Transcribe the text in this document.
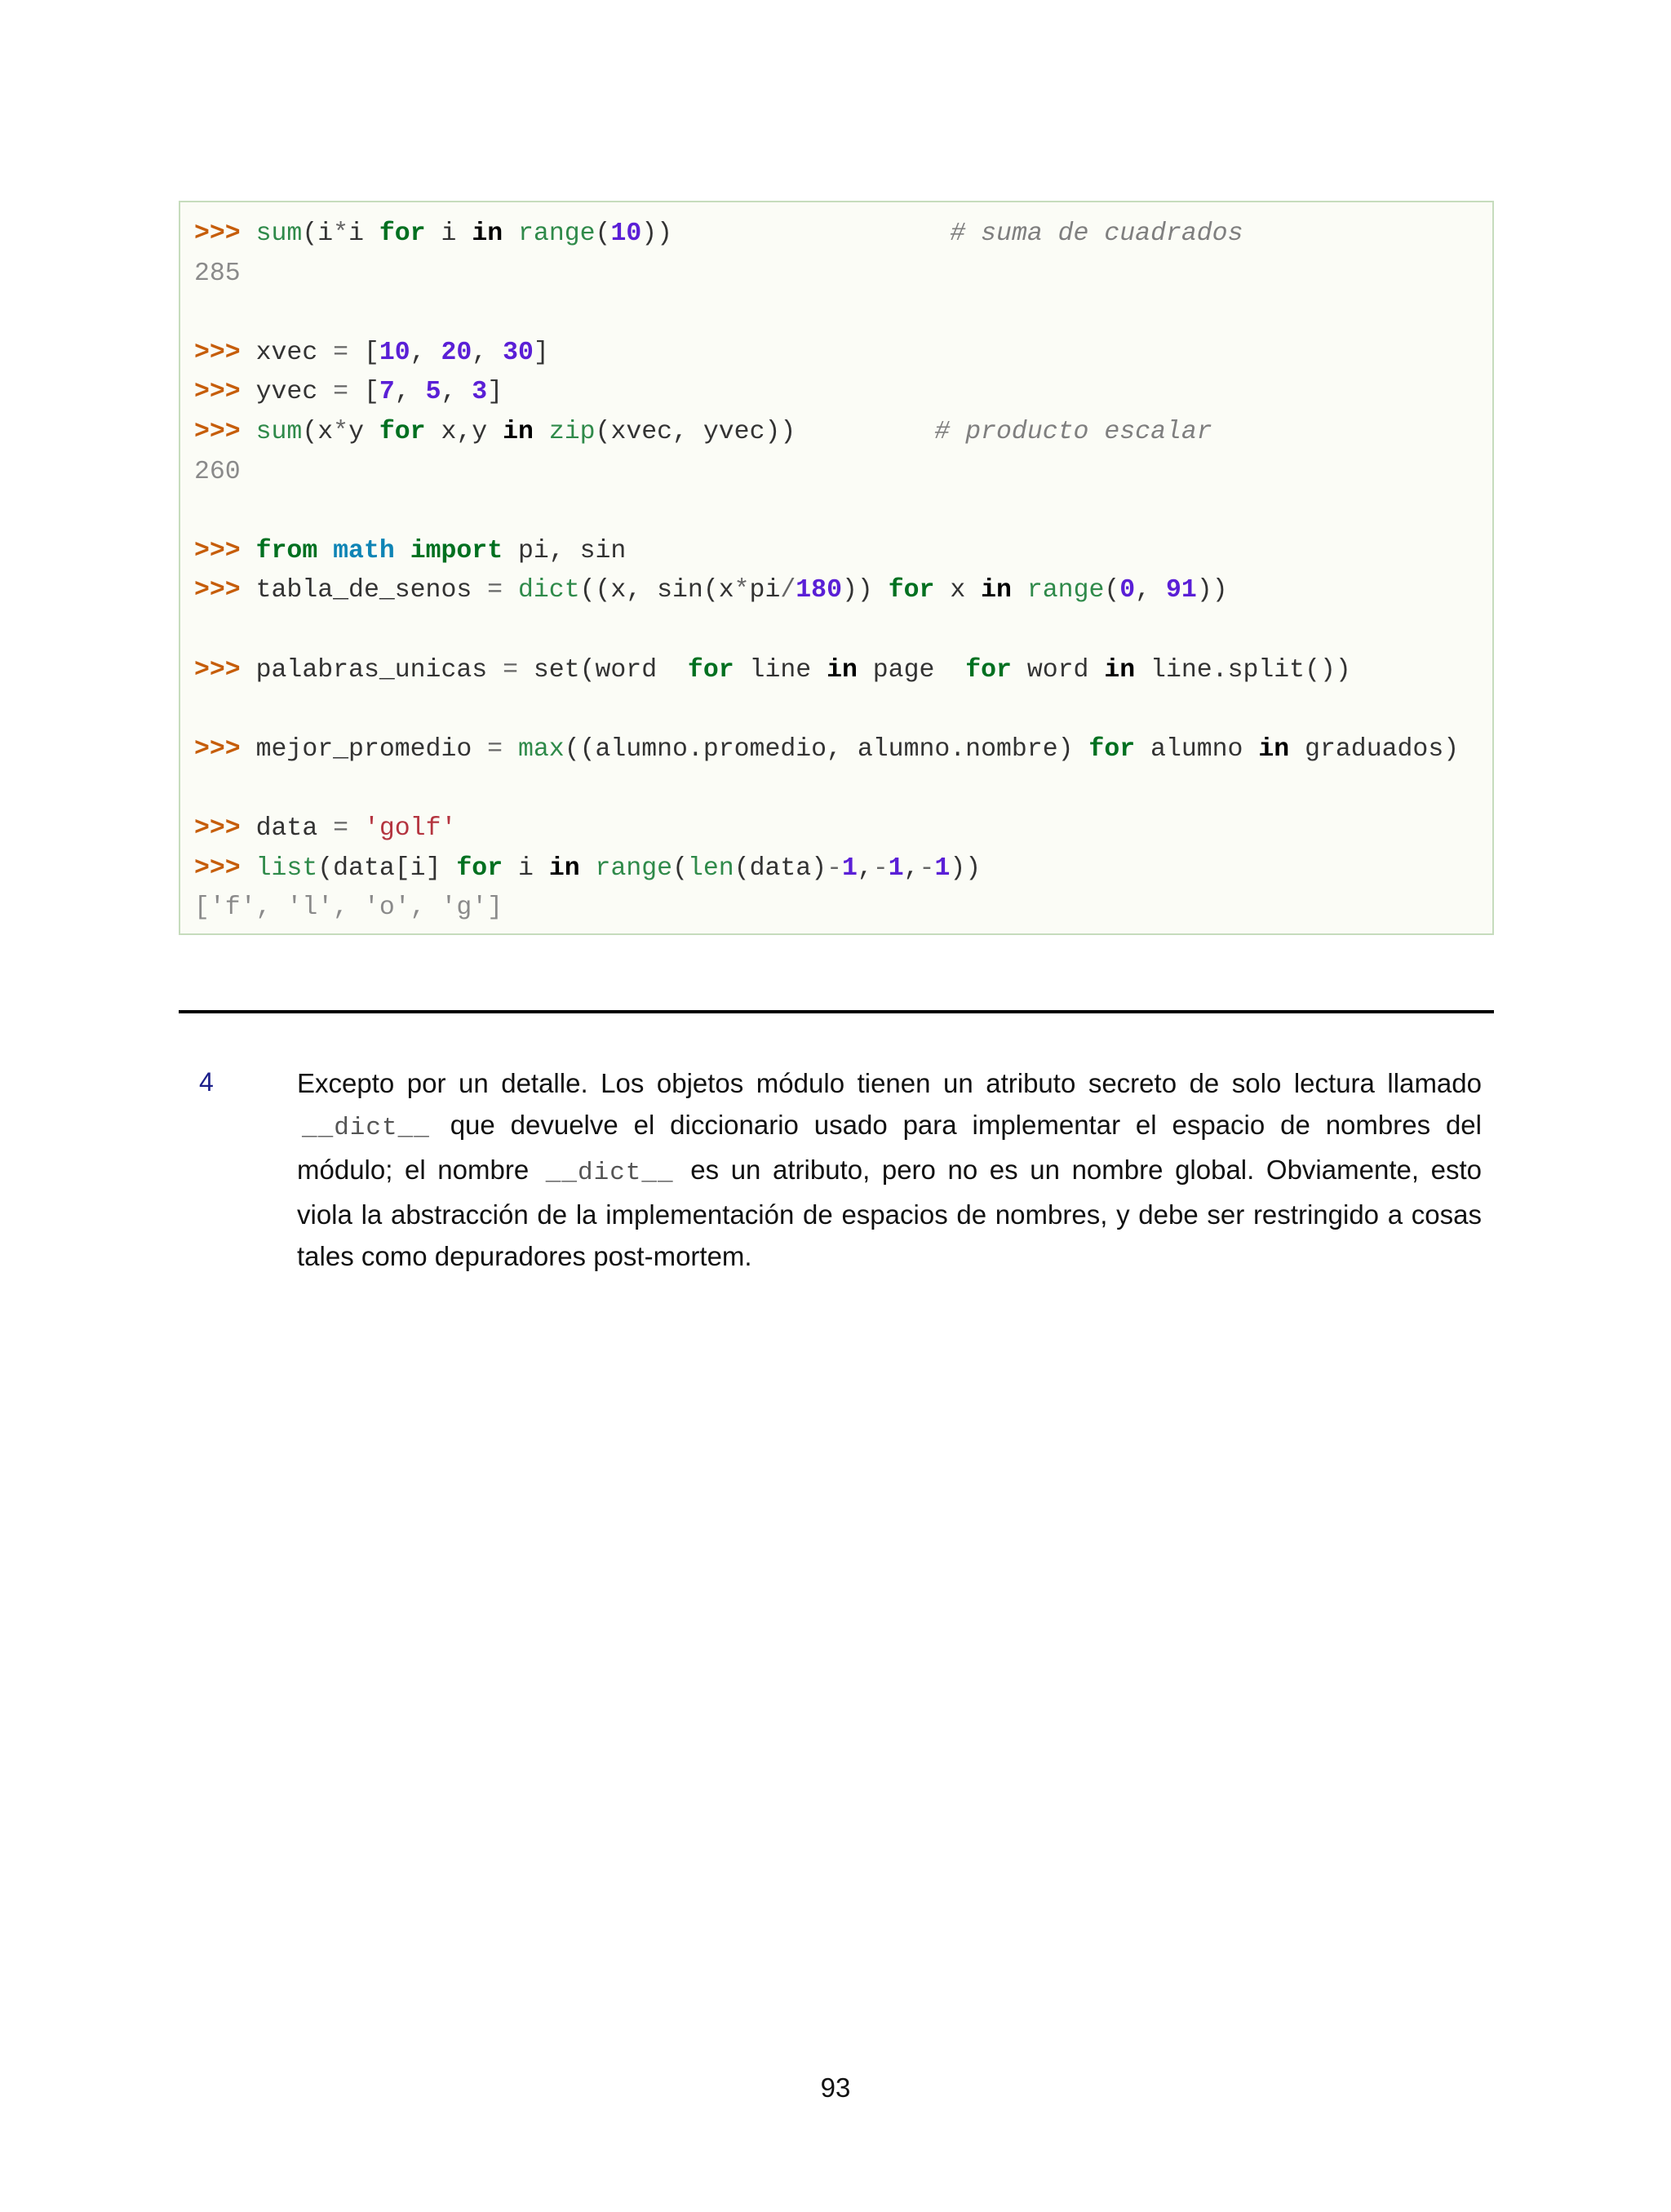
>>> sum(i*i for i in range(10))                  # suma de cuadrados
285
>>> xvec = [10, 20, 30]
>>> yvec = [7, 5, 3]
>>> sum(x*y for x,y in zip(xvec, yvec))         # producto escalar
260
>>> from math import pi, sin
>>> tabla_de_senos = dict((x, sin(x*pi/180)) for x in range(0, 91))
>>> palabras_unicas = set(word  for line in page  for word in line.split())
>>> mejor_promedio = max((alumno.promedio, alumno.nombre) for alumno in graduados)
>>> data = 'golf'
>>> list(data[i] for i in range(len(data)-1,-1,-1))
['f', 'l', 'o', 'g']
4	Excepto por un detalle. Los objetos módulo tienen un atributo secreto de solo lectura llamado __dict__ que devuelve el diccionario usado para implementar el espacio de nombres del módulo; el nombre __dict__ es un atributo, pero no es un nombre global. Obviamente, esto viola la abstracción de la implementación de espacios de nombres, y debe ser restringido a cosas tales como depuradores post-mortem.
93
